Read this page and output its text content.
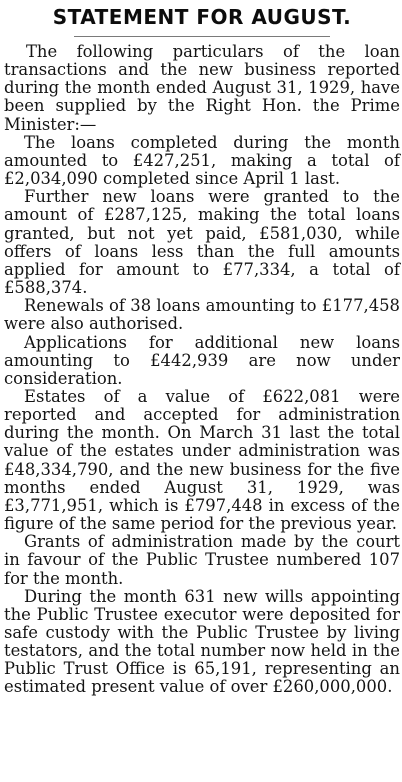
STATEMENT FOR AUGUST.

The following particulars of the loan transactions and the new business reported during the month ended August 31, 1929, have been supplied by the Right Hon. the Prime Minister:—

The loans completed during the month amounted to £427,251, making a total of £2,034,090 completed since April 1 last.

Further new loans were granted to the amount of £287,125, making the total loans granted, but not yet paid, £581,030, while offers of loans less than the full amounts applied for amount to £77,334, a total of £588,374.

Renewals of 38 loans amounting to £177,458 were also authorised.

Applications for additional new loans amounting to £442,939 are now under consideration.

Estates of a value of £622,081 were reported and accepted for administration during the month. On March 31 last the total value of the estates under administration was £48,334,790, and the new business for the five months ended August 31, 1929, was £3,771,951, which is £797,448 in excess of the figure of the same period for the previous year.

Grants of administration made by the court in favour of the Public Trustee numbered 107 for the month.

During the month 631 new wills appointing the Public Trustee executor were deposited for safe custody with the Public Trustee by living testators, and the total number now held in the Public Trust Office is 65,191, representing an estimated present value of over £260,000,000.
